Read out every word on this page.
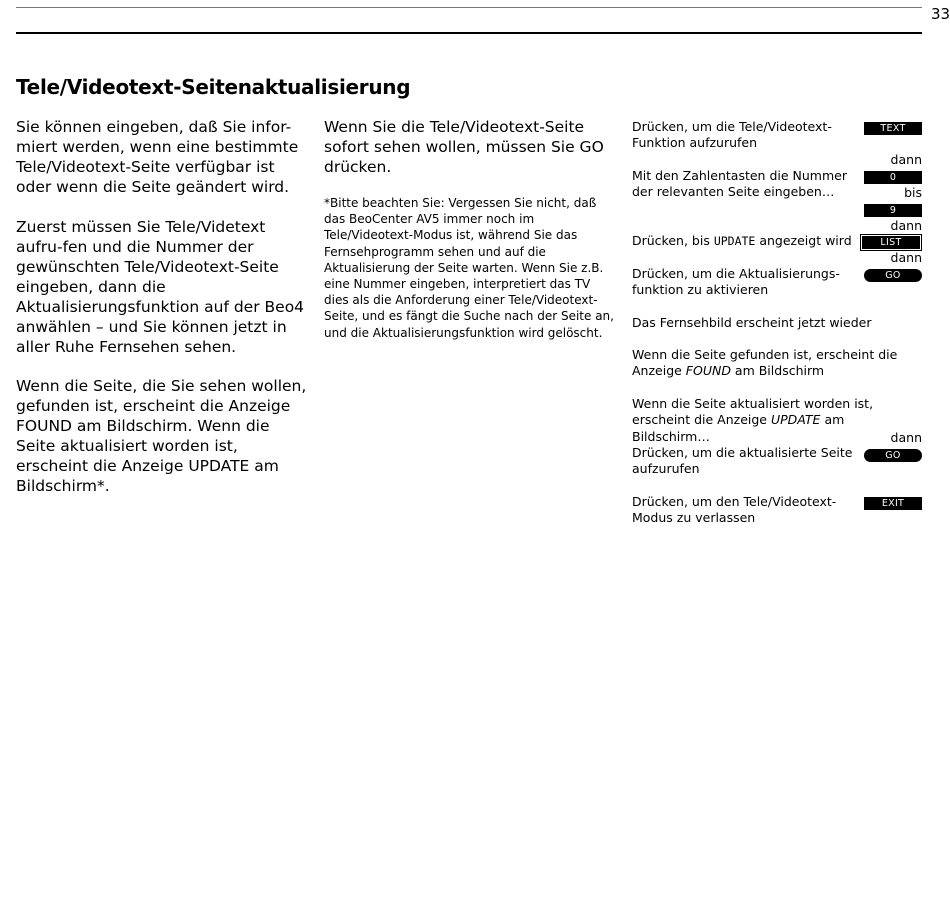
33
Tele/Videotext-Seitenaktualisierung

Sie können eingeben, daß Sie infor-miert werden, wenn eine bestimmte Tele/Videotext-Seite verfügbar ist oder wenn die Seite geändert wird.

Zuerst müssen Sie Tele/Videtext aufru-fen und die Nummer der gewünschten Tele/Videotext-Seite eingeben, dann die Aktualisierungsfunktion auf der Beo4 anwählen – und Sie können jetzt in aller Ruhe Fernsehen sehen.

Wenn die Seite, die Sie sehen wollen, gefunden ist, erscheint die Anzeige FOUND am Bildschirm. Wenn die Seite aktualisiert worden ist, erscheint die Anzeige UPDATE am Bildschirm*.

Wenn Sie die Tele/Videotext-Seite sofort sehen wollen, müssen Sie GO drücken.

*Bitte beachten Sie: Vergessen Sie nicht, daß das BeoCenter AV5 immer noch im Tele/Videotext-Modus ist, während Sie das Fernsehprogramm sehen und auf die Aktualisierung der Seite warten. Wenn Sie z.B. eine Nummer eingeben, interpretiert das TV dies als die Anforderung einer Tele/Videotext-Seite, und es fängt die Suche nach der Seite an, und die Aktualisierungsfunktion wird gelöscht.

Drücken, um die Tele/Videotext-Funktion aufzurufen
TEXT
dann
Mit den Zahlentasten die Nummer der relevanten Seite eingeben…
0
bis
9
dann
Drücken, bis UPDATE angezeigt wird	LIST
dann
Drücken, um die Aktualisierungs-funktion zu aktivieren
GO
Das Fernsehbild erscheint jetzt wieder
Wenn die Seite gefunden ist, erscheint die Anzeige FOUND am Bildschirm
Wenn die Seite aktualisiert worden ist, erscheint die Anzeige UPDATE am Bildschirm…	dann
Drücken, um die aktualisierte Seite aufzurufen
GO
Drücken, um den Tele/Videotext-Modus zu verlassen
EXIT
